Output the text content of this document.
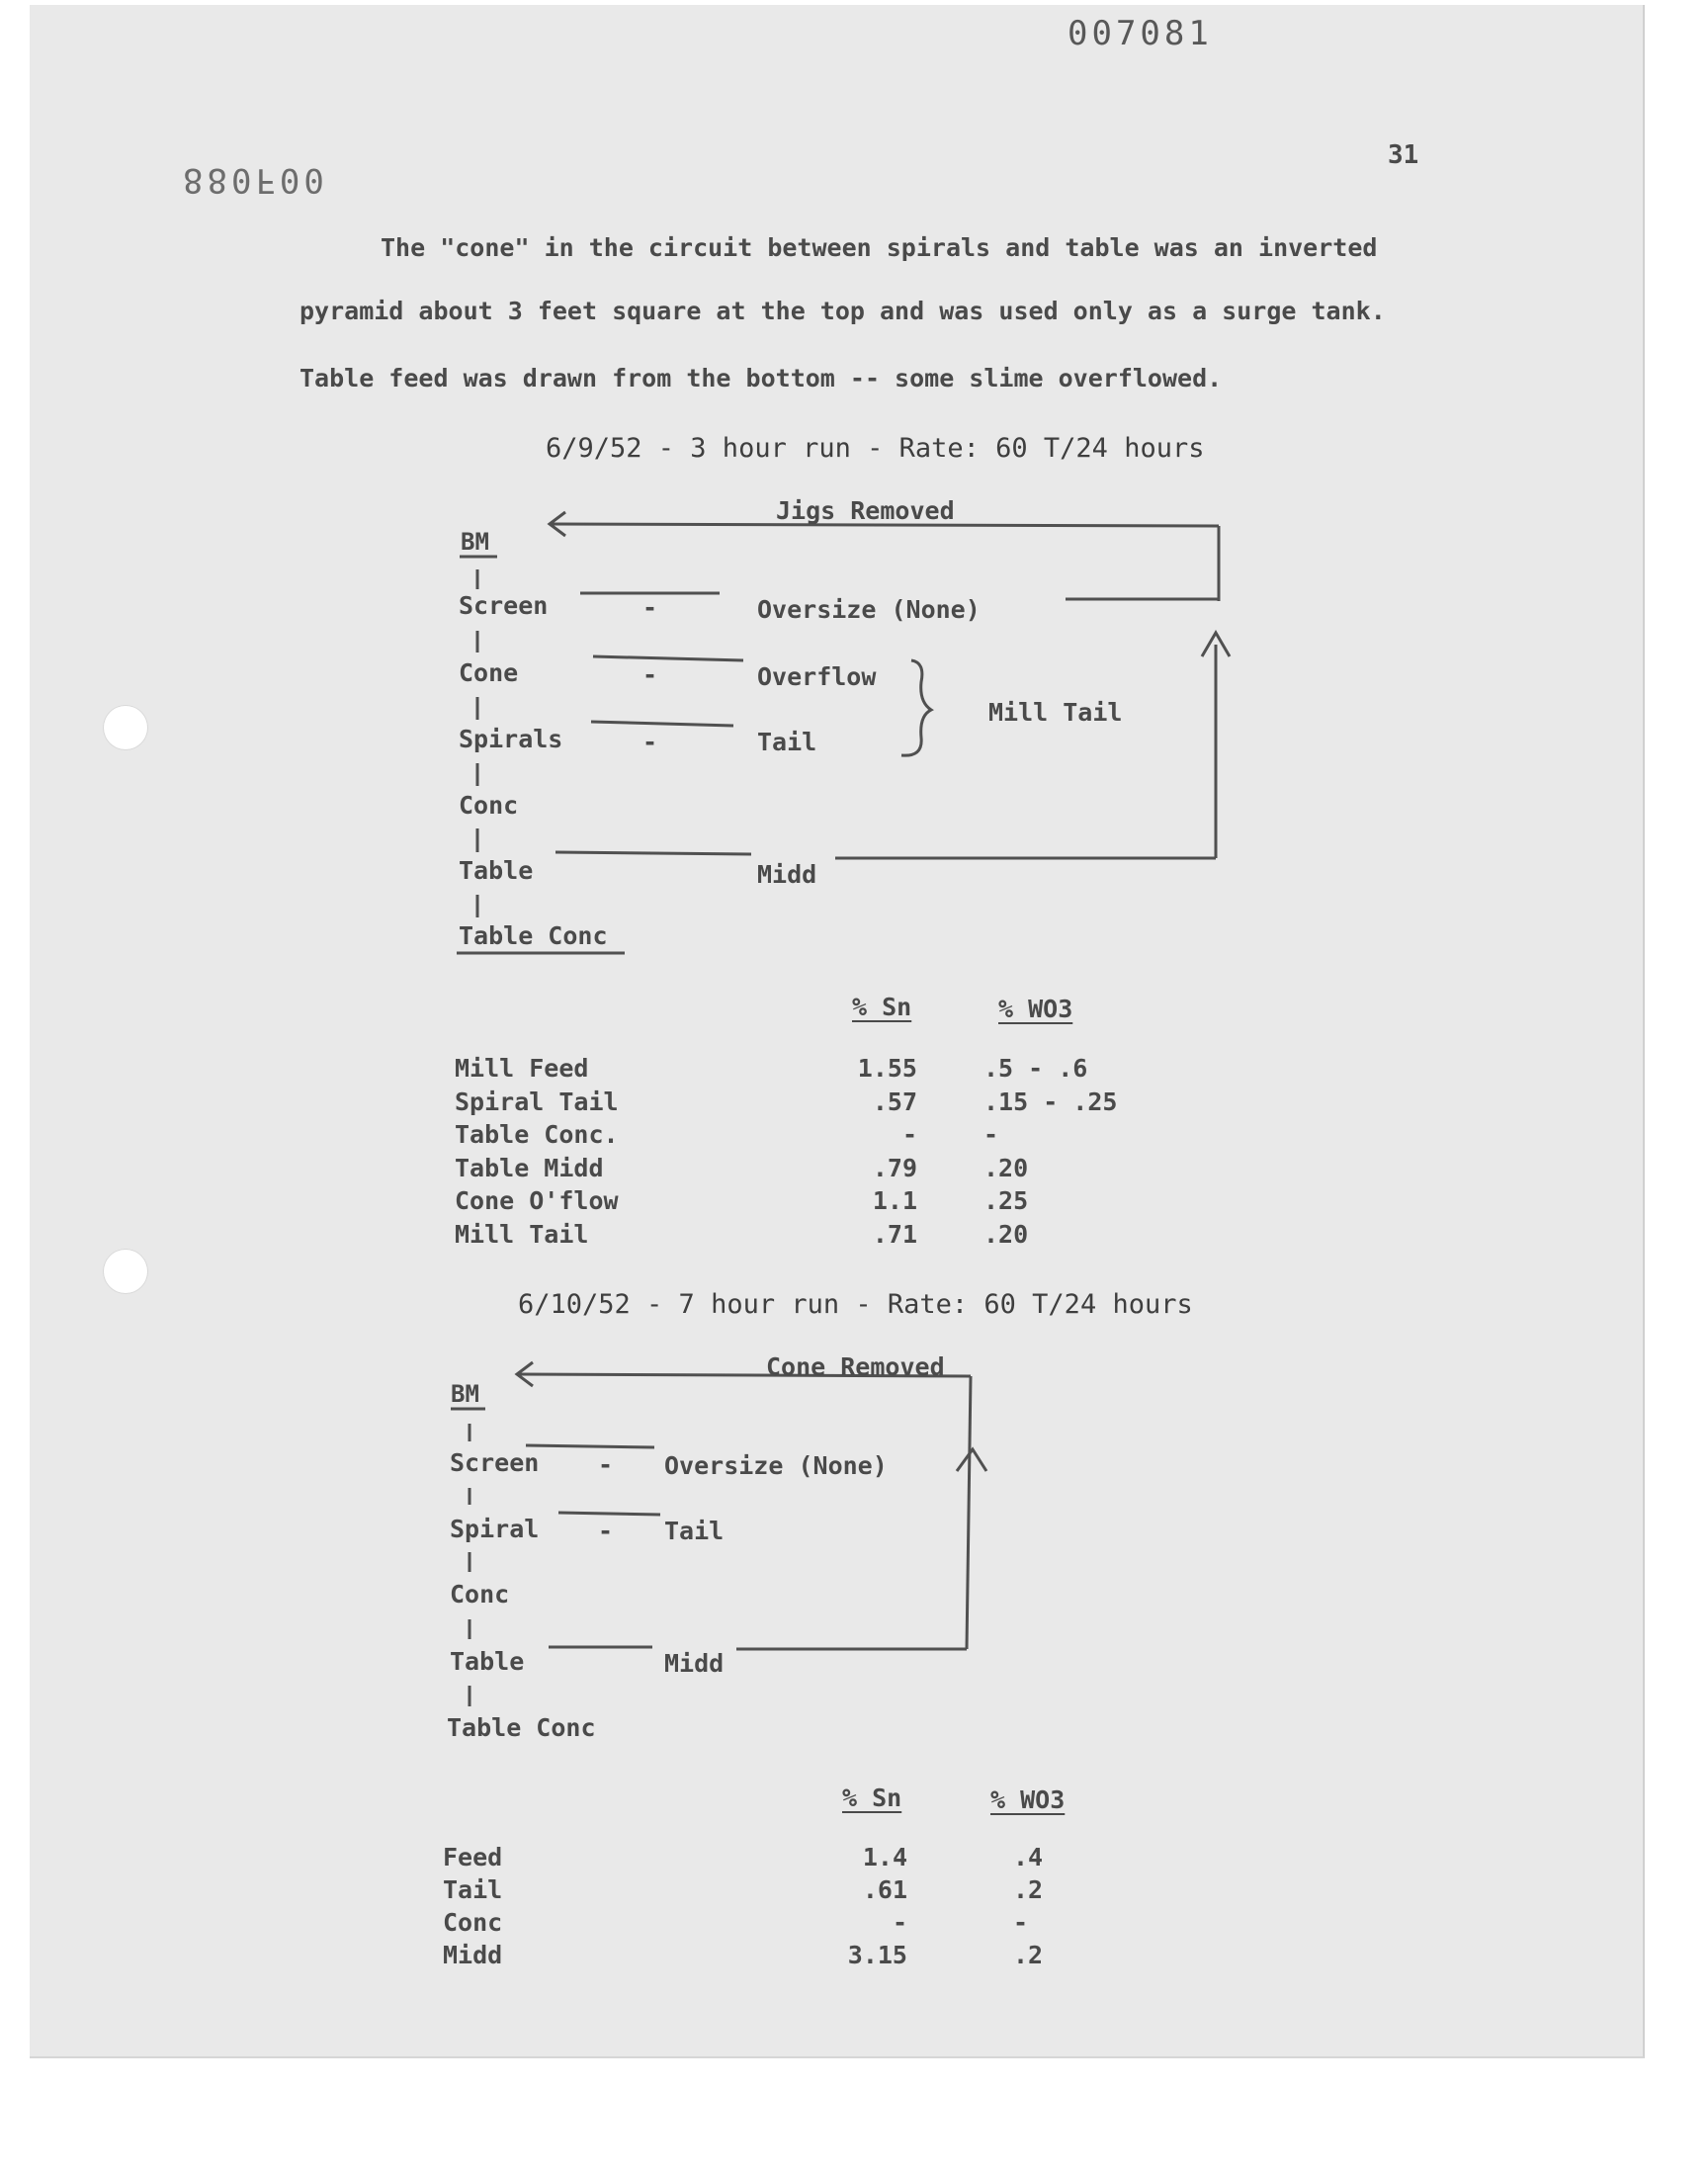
007081
880F00
31
The "cone" in the circuit between spirals and table was an inverted
pyramid about 3 feet square at the top and was used only as a surge tank.
Table feed was drawn from the bottom -- some slime overflowed.
6/9/52 - 3 hour run - Rate: 60 T/24 hours
Jigs Removed
BM
Screen	-	Oversize (None)
Cone	-	Overflow
Spirals	-	Tail
Mill Tail
Conc
Table	Midd
Table Conc
% Sn	% WO3
Mill Feed	1.55	.5 - .6
Spiral Tail	.57	.15 - .25
Table Conc.	-	-
Table Midd	.79	.20
Cone O'flow	1.1	.25
Mill Tail	.71	.20
6/10/52 - 7 hour run - Rate: 60 T/24 hours
Cone Removed
BM
Screen - Oversize (None)
Spiral - Tail
Conc
Table	Midd
Table Conc
% Sn	% WO3
Feed	1.4	.4
Tail	.61	.2
Conc	-	-
Midd	3.15	.2
